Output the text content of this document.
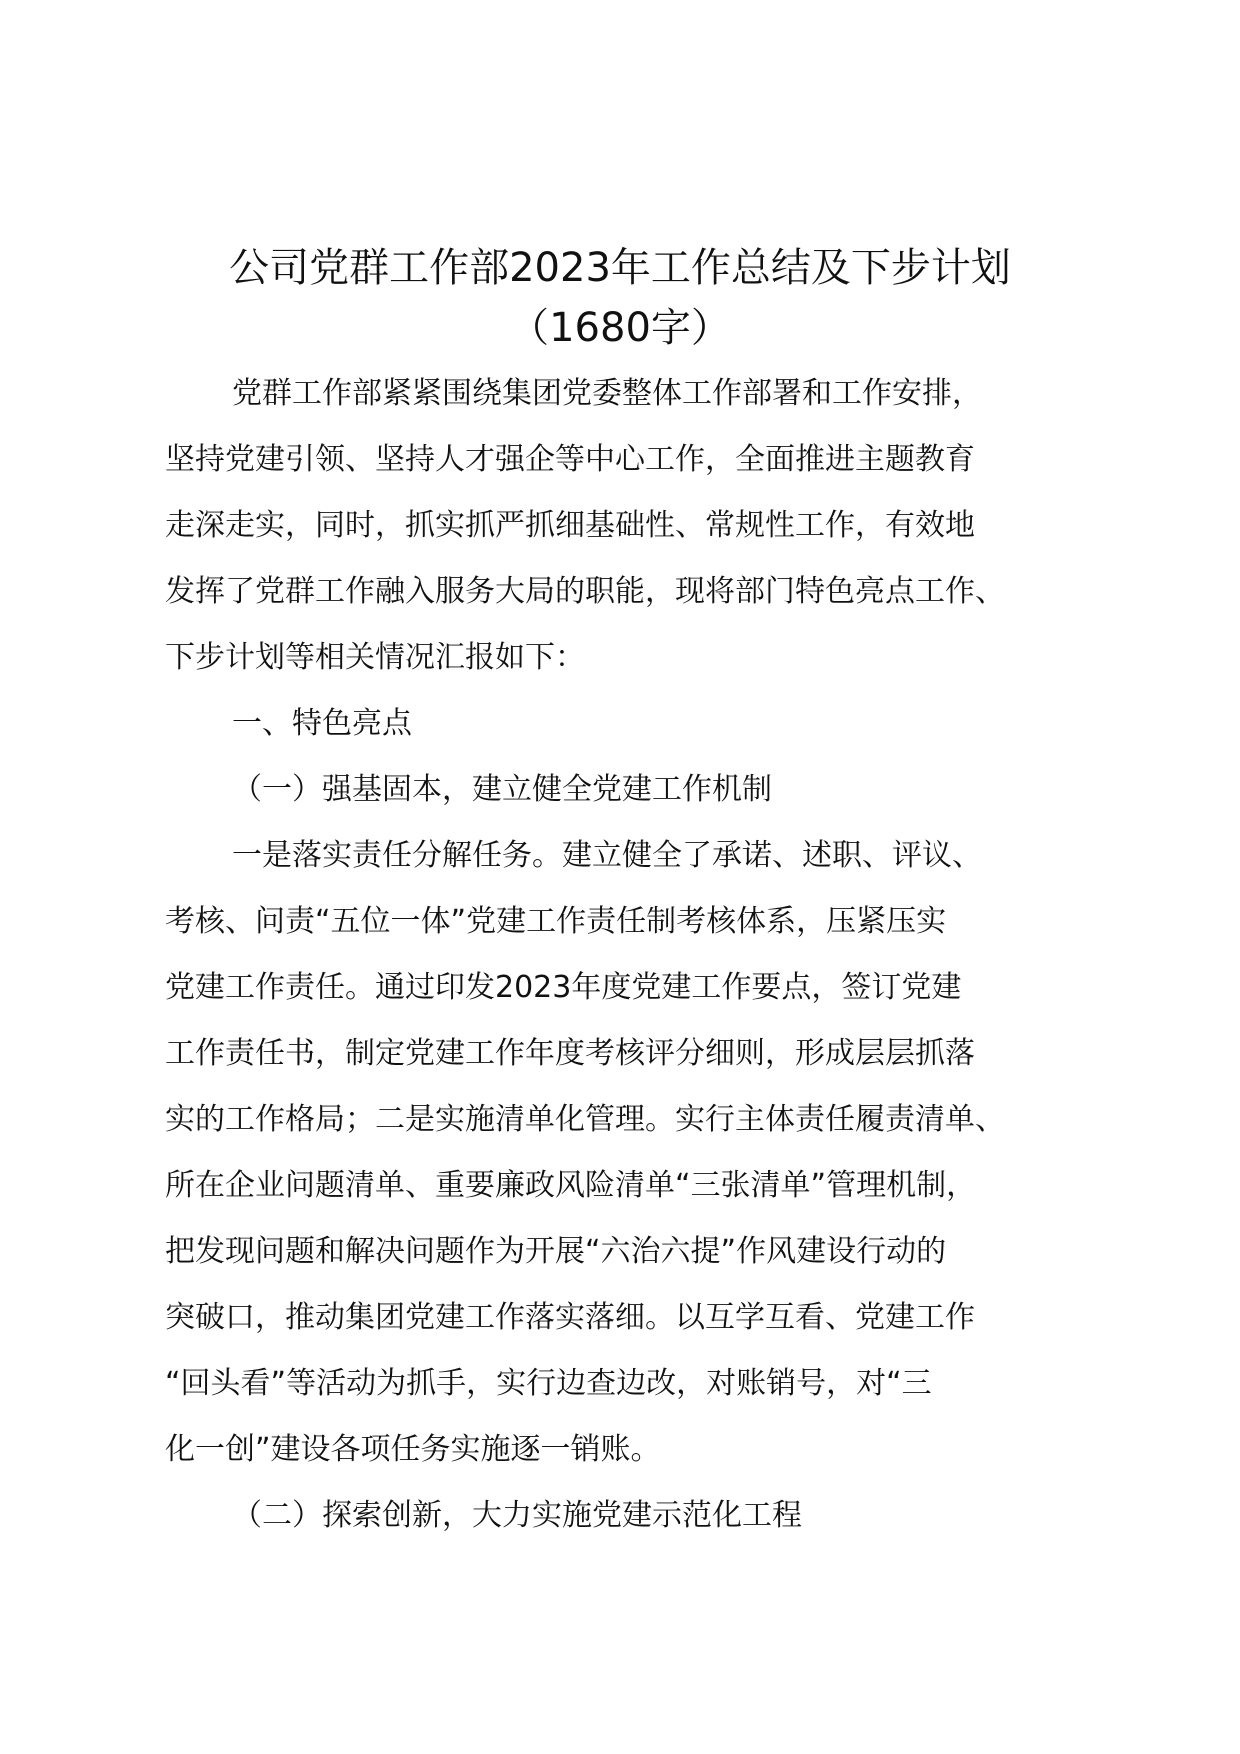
公司党群工作部2023年工作总结及下步计划
（1680字）

党群工作部紧紧围绕集团党委整体工作部署和工作安排，

坚持党建引领、坚持人才强企等中心工作，全面推进主题教育

走深走实，同时，抓实抓严抓细基础性、常规性工作，有效地

发挥了党群工作融入服务大局的职能，现将部门特色亮点工作、

下步计划等相关情况汇报如下：

一、特色亮点

（一）强基固本，建立健全党建工作机制

一是落实责任分解任务。建立健全了承诺、述职、评议、

考核、问责“五位一体”党建工作责任制考核体系，压紧压实

党建工作责任。通过印发2023年度党建工作要点，签订党建

工作责任书，制定党建工作年度考核评分细则，形成层层抓落

实的工作格局；二是实施清单化管理。实行主体责任履责清单、

所在企业问题清单、重要廉政风险清单“三张清单”管理机制，

把发现问题和解决问题作为开展“六治六提”作风建设行动的

突破口，推动集团党建工作落实落细。以互学互看、党建工作

“回头看”等活动为抓手，实行边查边改，对账销号，对“三

化一创”建设各项任务实施逐一销账。

（二）探索创新，大力实施党建示范化工程
